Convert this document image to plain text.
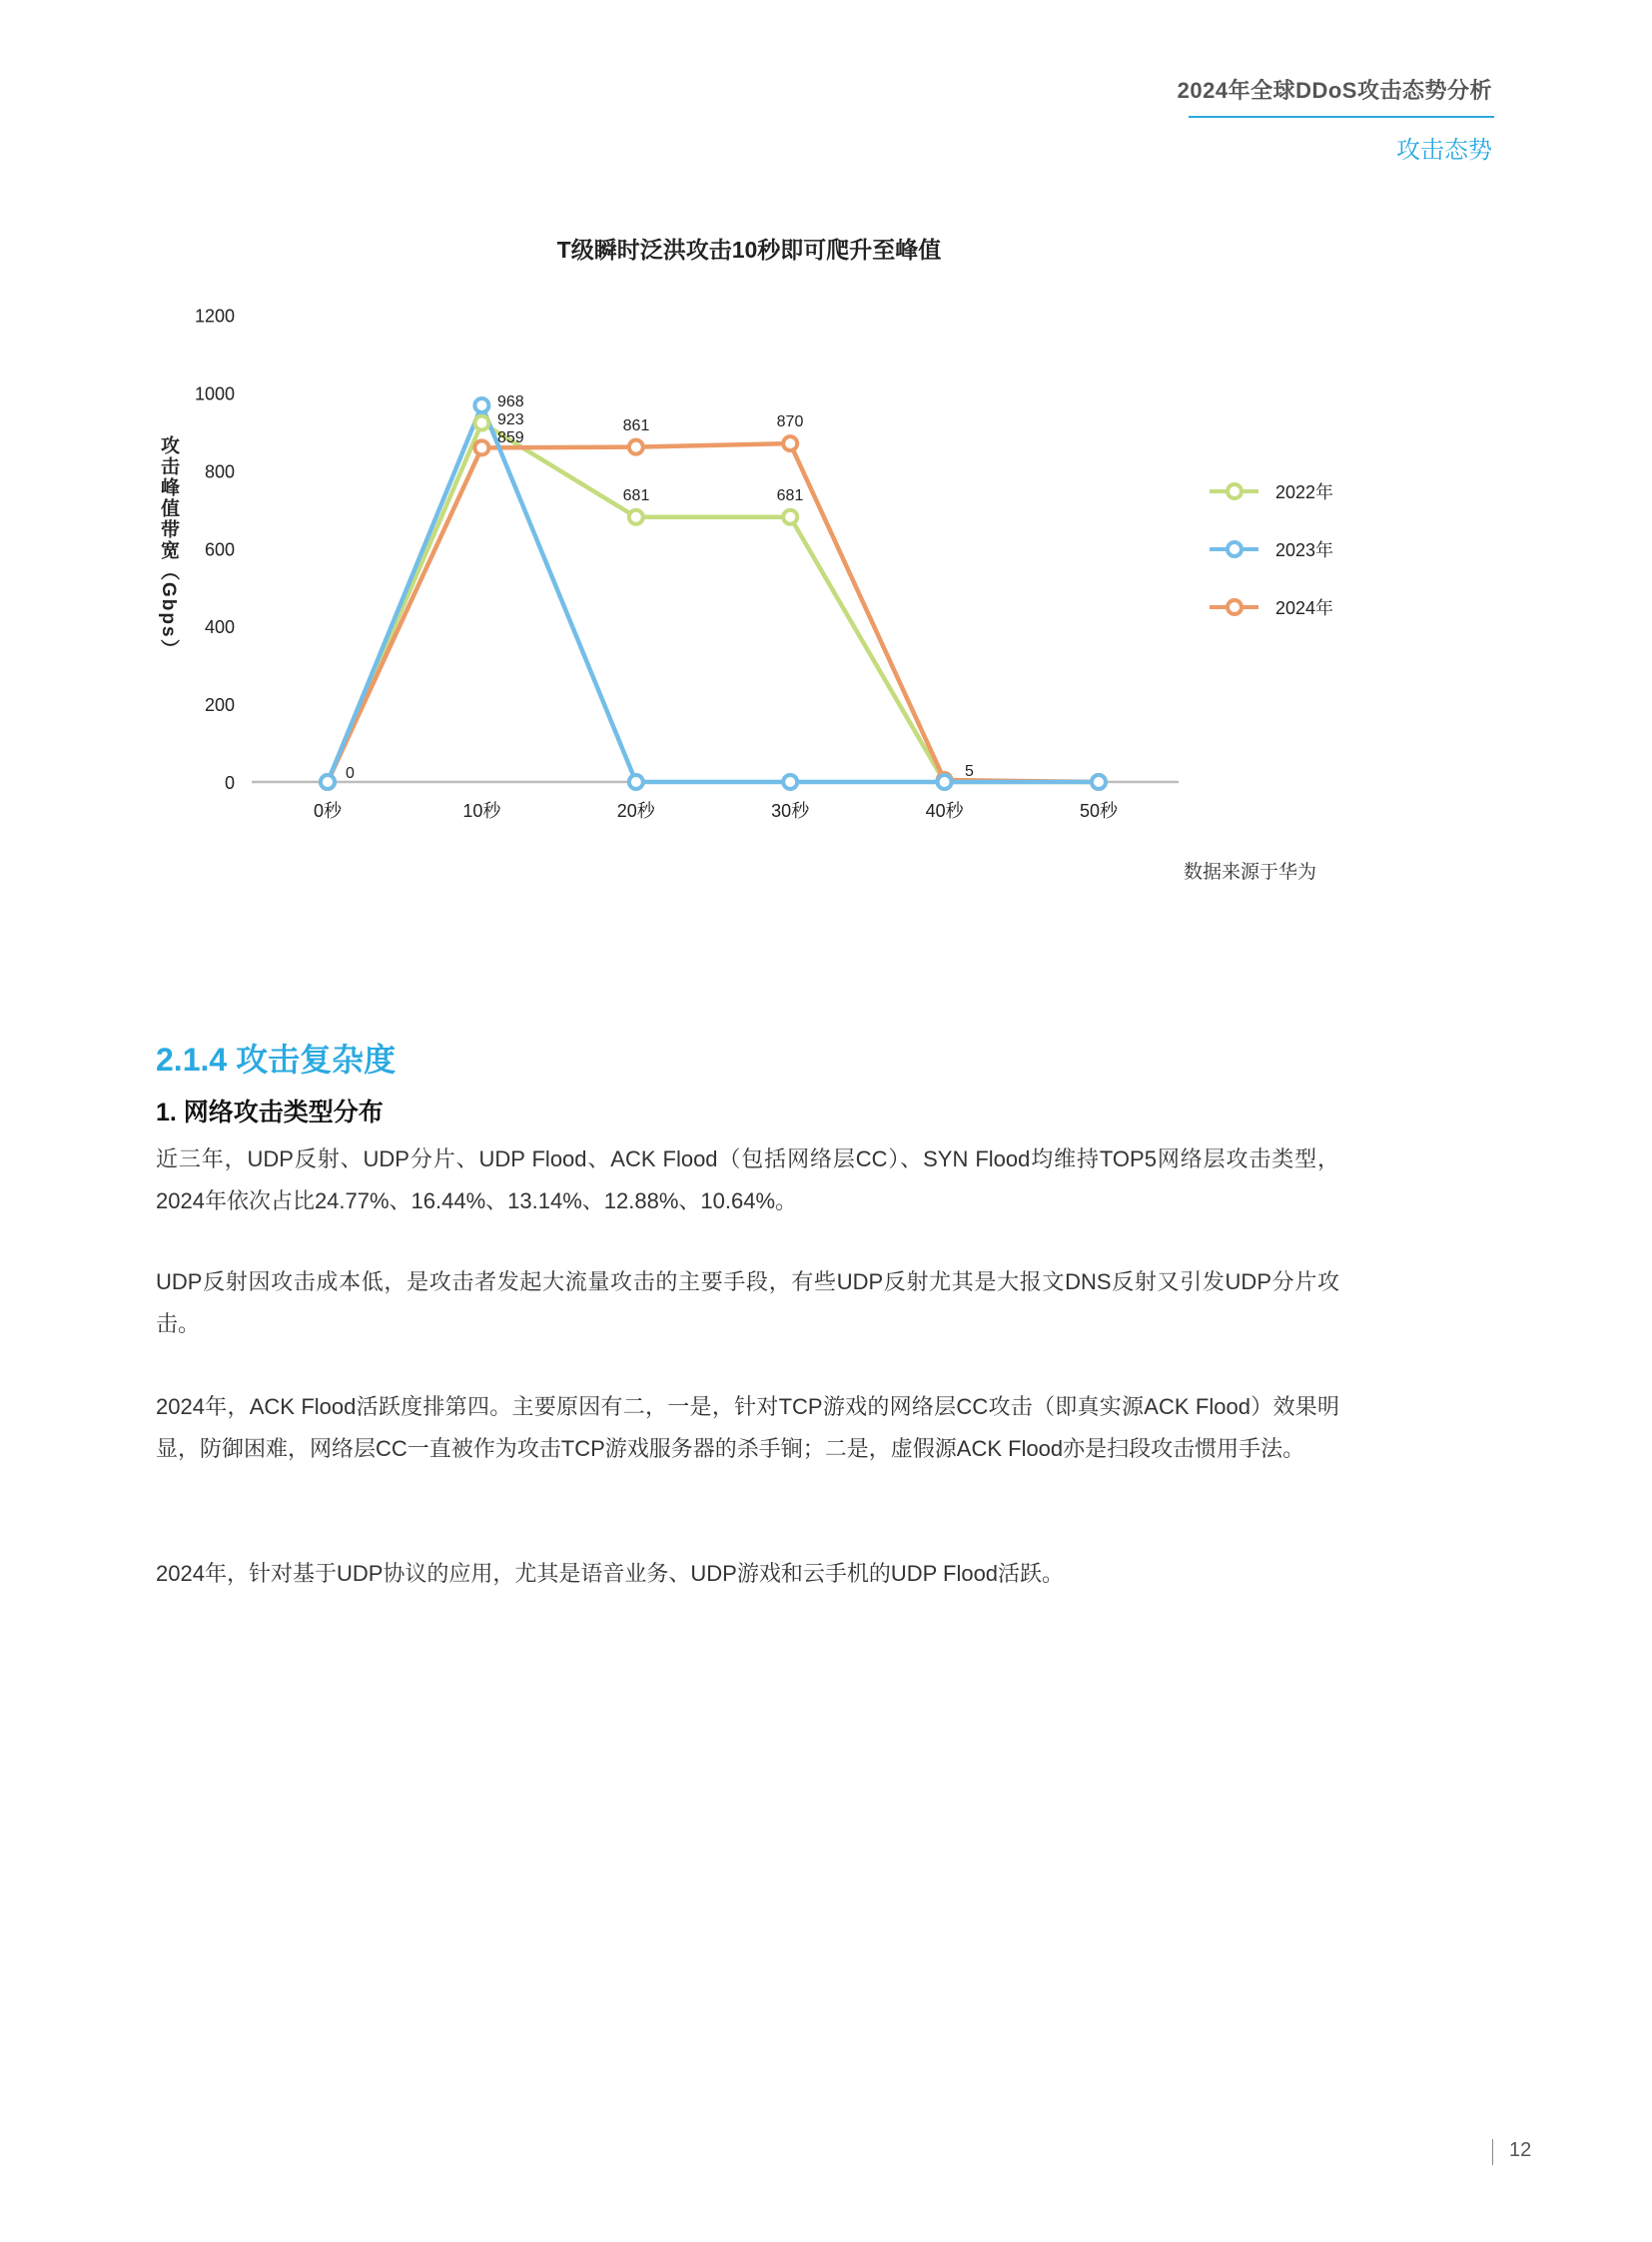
2024年全球DDoS攻击态势分析
攻击态势
T级瞬时泛洪攻击10秒即可爬升至峰值
攻击峰值带宽（Gbps）
0
200
400
600
800
1000
1200
0秒	10秒	20秒	30秒	40秒	50秒
0
968
923
859
861
681
870
681
5
2022年
2023年
2024年
数据来源于华为
2.1.4 攻击复杂度
1. 网络攻击类型分布

近三年，UDP反射、UDP分片、UDP Flood、ACK Flood（包括网络层CC）、SYN Flood均维持TOP5网络层攻击类型，2024年依次占比24.77%、16.44%、13.14%、12.88%、10.64%。

UDP反射因攻击成本低，是攻击者发起大流量攻击的主要手段，有些UDP反射尤其是大报文DNS反射又引发UDP分片攻击。

2024年，ACK Flood活跃度排第四。主要原因有二，一是，针对TCP游戏的网络层CC攻击（即真实源ACK Flood）效果明显，防御困难，网络层CC一直被作为攻击TCP游戏服务器的杀手锏；二是，虚假源ACK Flood亦是扫段攻击惯用手法。

2024年，针对基于UDP协议的应用，尤其是语音业务、UDP游戏和云手机的UDP Flood活跃。

12
